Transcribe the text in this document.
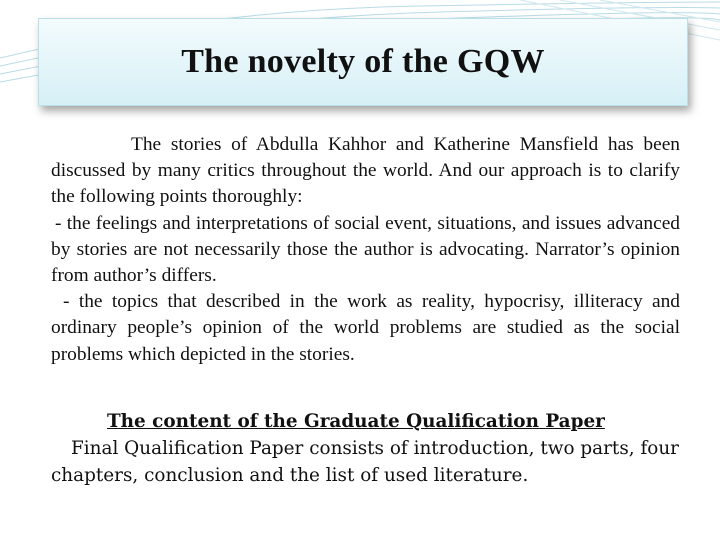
The novelty of the GQW

The stories of Abdulla Kahhor and Katherine Mansfield has been discussed by many critics throughout the world. And our approach is to clarify the following points thoroughly:

- the feelings and interpretations of social event, situations, and issues advanced by stories are not necessarily those the author is advocating. Narrator’s opinion from author’s differs.

- the topics that described in the work as reality, hypocrisy, illiteracy and ordinary people’s opinion of the world problems are studied as the social problems which depicted in the stories.

The content of the Graduate Qualification Paper

Final Qualification Paper consists of introduction, two parts, four chapters, conclusion and the list of used literature.
